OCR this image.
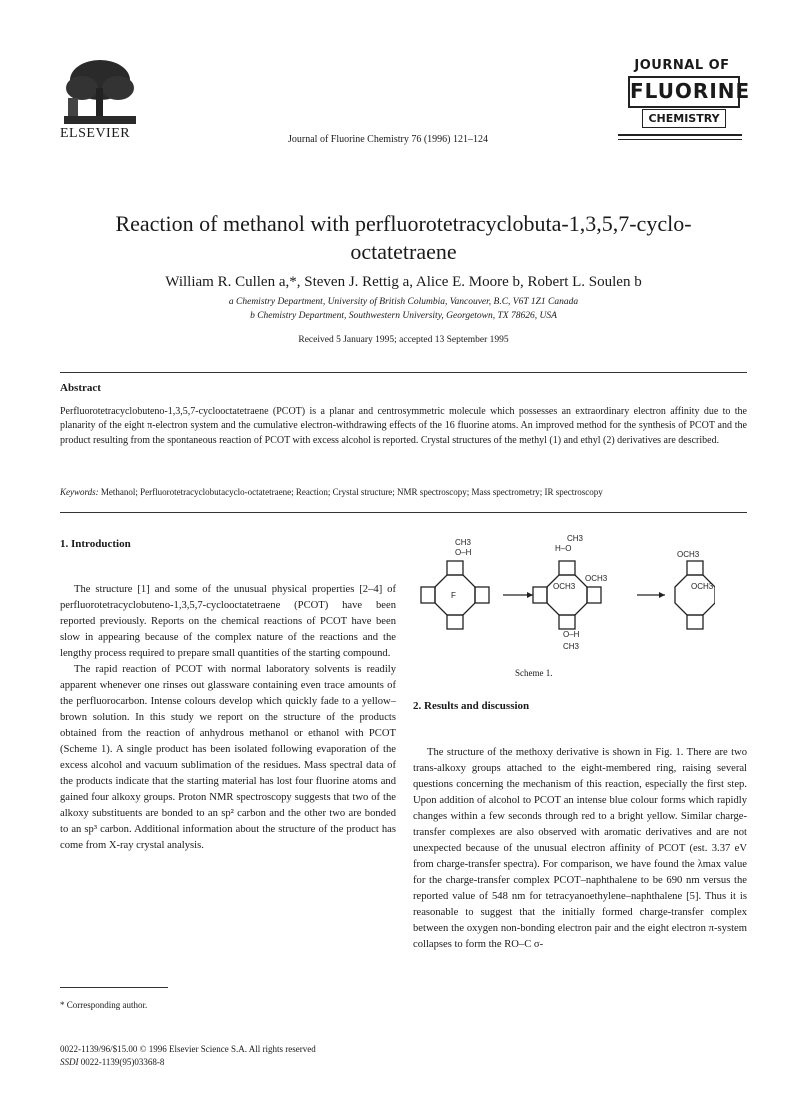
ELSEVIER	Journal of Fluorine Chemistry 76 (1996) 121–124
JOURNAL OF
FLUORINE
CHEMISTRY
Reaction of methanol with perfluorotetracyclobuta-1,3,5,7-cyclo-
octatetraene
William R. Cullen a,*, Steven J. Rettig a, Alice E. Moore b, Robert L. Soulen b
a Chemistry Department, University of British Columbia, Vancouver, B.C, V6T 1Z1 Canada
b Chemistry Department, Southwestern University, Georgetown, TX 78626, USA
Received 5 January 1995; accepted 13 September 1995
Abstract
Perfluorotetracyclobuteno-1,3,5,7-cyclooctatetraene (PCOT) is a planar and centrosymmetric molecule which possesses an extraordinary electron affinity due to the planarity of the eight π-electron system and the cumulative electron-withdrawing effects of the 16 fluorine atoms. An improved method for the synthesis of PCOT and the product resulting from the spontaneous reaction of PCOT with excess alcohol is reported. Crystal structures of the methyl (1) and ethyl (2) derivatives are described.
Keywords: Methanol; Perfluorotetracyclobutacyclo-octatetraene; Reaction; Crystal structure; NMR spectroscopy; Mass spectrometry; IR spectroscopy
1. Introduction

The structure [1] and some of the unusual physical properties [2–4] of perfluorotetracyclobuteno-1,3,5,7-cyclooctatetraene (PCOT) have been reported previously. Reports on the chemical reactions of PCOT have been slow in appearing because of the complex nature of the reactions and the lengthy process required to prepare small quantities of the starting compound.

The rapid reaction of PCOT with normal laboratory solvents is readily apparent whenever one rinses out glassware containing even trace amounts of the perfluorocarbon. Intense colours develop which quickly fade to a yellow–brown solution. In this study we report on the structure of the products obtained from the reaction of anhydrous methanol or ethanol with PCOT (Scheme 1). A single product has been isolated following evaporation of the excess alcohol and vacuum sublimation of the residues. Mass spectral data of the products indicate that the starting material has lost four fluorine atoms and gained four alkoxy groups. Proton NMR spectroscopy suggests that two of the alkoxy substituents are bonded to an sp² carbon and the other two are bonded to an sp³ carbon. Additional information about the structure of the product has come from X-ray crystal analysis.

F
CH3
O–H
CH3
H–O
OCH3
OCH3
O–H
CH3
OCH3
OCH3
Scheme 1.
2. Results and discussion

The structure of the methoxy derivative is shown in Fig. 1. There are two trans-alkoxy groups attached to the eight-membered ring, raising several questions concerning the mechanism of this reaction, especially the first step. Upon addition of alcohol to PCOT an intense blue colour forms which rapidly changes within a few seconds through red to a bright yellow. Similar charge-transfer complexes are also observed with aromatic derivatives and are not unexpected because of the unusual electron affinity of PCOT (est. 3.37 eV from charge-transfer spectra). For comparison, we have found the λmax value for the charge-transfer complex PCOT–naphthalene to be 690 nm versus the reported value of 548 nm for tetracyanoethylene–naphthalene [5]. Thus it is reasonable to suggest that the initially formed charge-transfer complex between the oxygen non-bonding electron pair and the eight electron π-system collapses to form the RO–C σ-

* Corresponding author.
0022-1139/96/$15.00 © 1996 Elsevier Science S.A. All rights reserved
SSDI 0022-1139(95)03368-8
